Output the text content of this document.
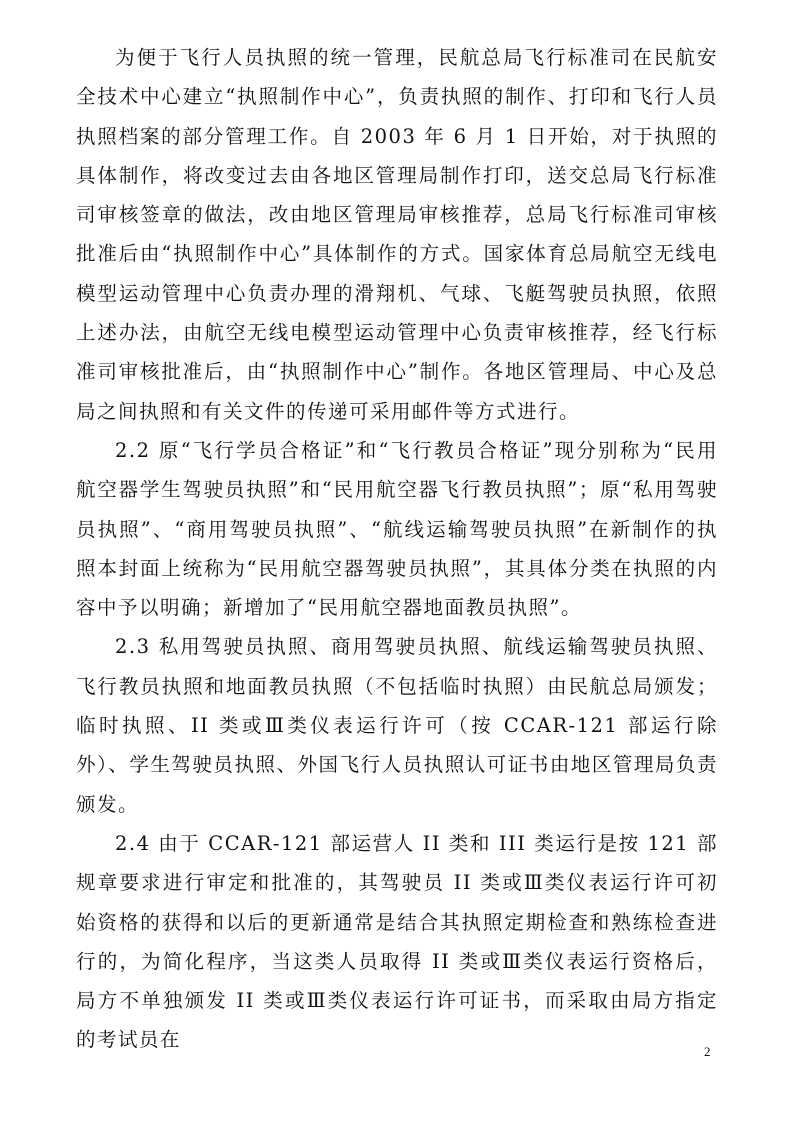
为便于飞行人员执照的统一管理，民航总局飞行标准司在民航安全技术中心建立“执照制作中心”，负责执照的制作、打印和飞行人员执照档案的部分管理工作。自 2003 年 6 月 1 日开始，对于执照的具体制作，将改变过去由各地区管理局制作打印，送交总局飞行标准司审核签章的做法，改由地区管理局审核推荐，总局飞行标准司审核批准后由“执照制作中心”具体制作的方式。国家体育总局航空无线电模型运动管理中心负责办理的滑翔机、气球、飞艇驾驶员执照，依照上述办法，由航空无线电模型运动管理中心负责审核推荐，经飞行标准司审核批准后，由“执照制作中心”制作。各地区管理局、中心及总局之间执照和有关文件的传递可采用邮件等方式进行。

2.2 原“飞行学员合格证”和“飞行教员合格证”现分别称为“民用航空器学生驾驶员执照”和“民用航空器飞行教员执照”；原“私用驾驶员执照”、“商用驾驶员执照”、“航线运输驾驶员执照”在新制作的执照本封面上统称为“民用航空器驾驶员执照”，其具体分类在执照的内容中予以明确；新增加了“民用航空器地面教员执照”。

2.3 私用驾驶员执照、商用驾驶员执照、航线运输驾驶员执照、飞行教员执照和地面教员执照（不包括临时执照）由民航总局颁发；临时执照、II 类或Ⅲ类仪表运行许可（按 CCAR-121 部运行除外）、学生驾驶员执照、外国飞行人员执照认可证书由地区管理局负责颁发。

2.4 由于 CCAR-121 部运营人 II 类和 III 类运行是按 121 部规章要求进行审定和批准的，其驾驶员 II 类或Ⅲ类仪表运行许可初始资格的获得和以后的更新通常是结合其执照定期检查和熟练检查进行的，为简化程序，当这类人员取得 II 类或Ⅲ类仪表运行资格后，局方不单独颁发 II 类或Ⅲ类仪表运行许可证书，而采取由局方指定的考试员在

2
